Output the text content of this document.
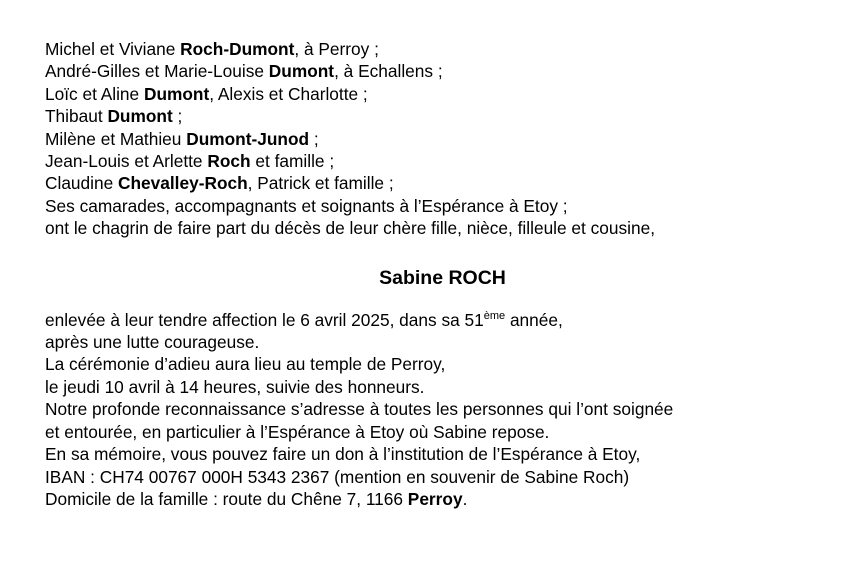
Michel et Viviane Roch-Dumont, à Perroy ;
André-Gilles et Marie-Louise Dumont, à Echallens ;
Loïc et Aline Dumont, Alexis et Charlotte ;
Thibaut Dumont ;
Milène et Mathieu Dumont-Junod ;
Jean-Louis et Arlette Roch et famille ;
Claudine Chevalley-Roch, Patrick et famille ;
Ses camarades, accompagnants et soignants à l’Espérance à Etoy ;
ont le chagrin de faire part du décès de leur chère fille, nièce, filleule et cousine,
Sabine ROCH
enlevée à leur tendre affection le 6 avril 2025, dans sa 51ème année,
après une lutte courageuse.
La cérémonie d’adieu aura lieu au temple de Perroy,
le jeudi 10 avril à 14 heures, suivie des honneurs.
Notre profonde reconnaissance s’adresse à toutes les personnes qui l’ont soignée
et entourée, en particulier à l’Espérance à Etoy où Sabine repose.
En sa mémoire, vous pouvez faire un don à l’institution de l’Espérance à Etoy,
IBAN : CH74 00767 000H 5343 2367 (mention en souvenir de Sabine Roch)
Domicile de la famille : route du Chêne 7, 1166 Perroy.
